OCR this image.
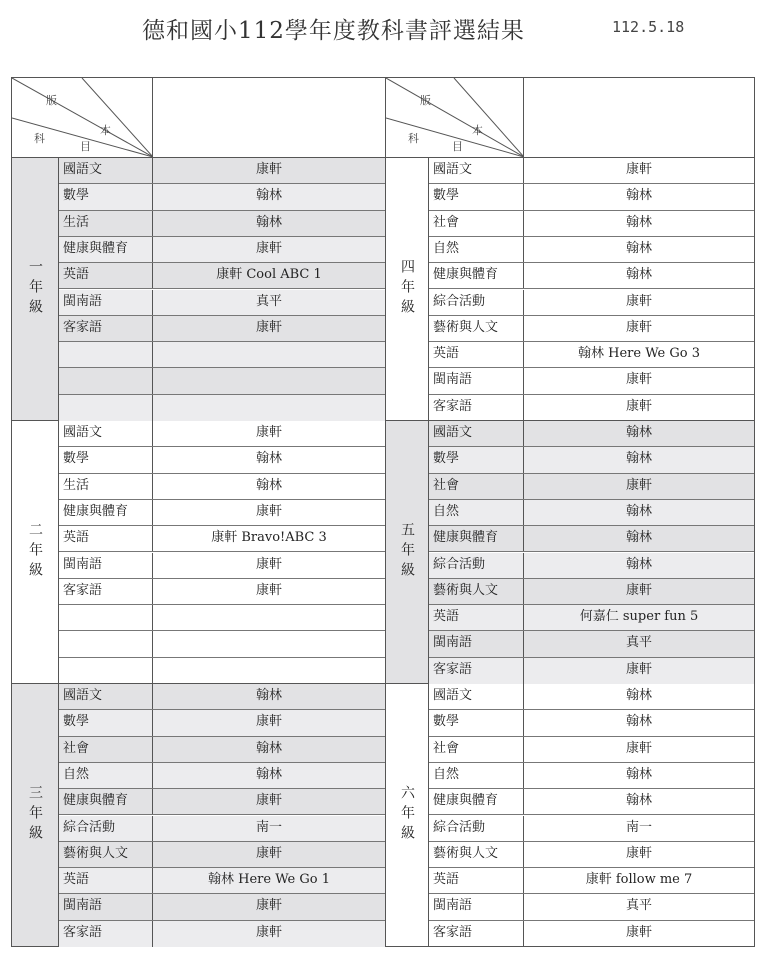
德和國小112學年度教科書評選結果	112.5.18
版
本
科
目
一年級
國語文	康軒
數學	翰林
生活	翰林
健康與體育	康軒
英語	康軒 Cool ABC 1
閩南語	真平
客家語	康軒
二年級
國語文	康軒
數學	翰林
生活	翰林
健康與體育	康軒
英語	康軒 Bravo!ABC 3
閩南語	康軒
客家語	康軒
三年級
國語文	翰林
數學	康軒
社會	翰林
自然	翰林
健康與體育	康軒
綜合活動	南一
藝術與人文	康軒
英語	翰林 Here We Go 1
閩南語	康軒
客家語	康軒
版
本
科
目
四年級
國語文	康軒
數學	翰林
社會	翰林
自然	翰林
健康與體育	翰林
綜合活動	康軒
藝術與人文	康軒
英語	翰林 Here We Go 3
閩南語	康軒
客家語	康軒
五年級
國語文	翰林
數學	翰林
社會	康軒
自然	翰林
健康與體育	翰林
綜合活動	翰林
藝術與人文	康軒
英語	何嘉仁 super fun 5
閩南語	真平
客家語	康軒
六年級
國語文	翰林
數學	翰林
社會	康軒
自然	翰林
健康與體育	翰林
綜合活動	南一
藝術與人文	康軒
英語	康軒 follow me 7
閩南語	真平
客家語	康軒
